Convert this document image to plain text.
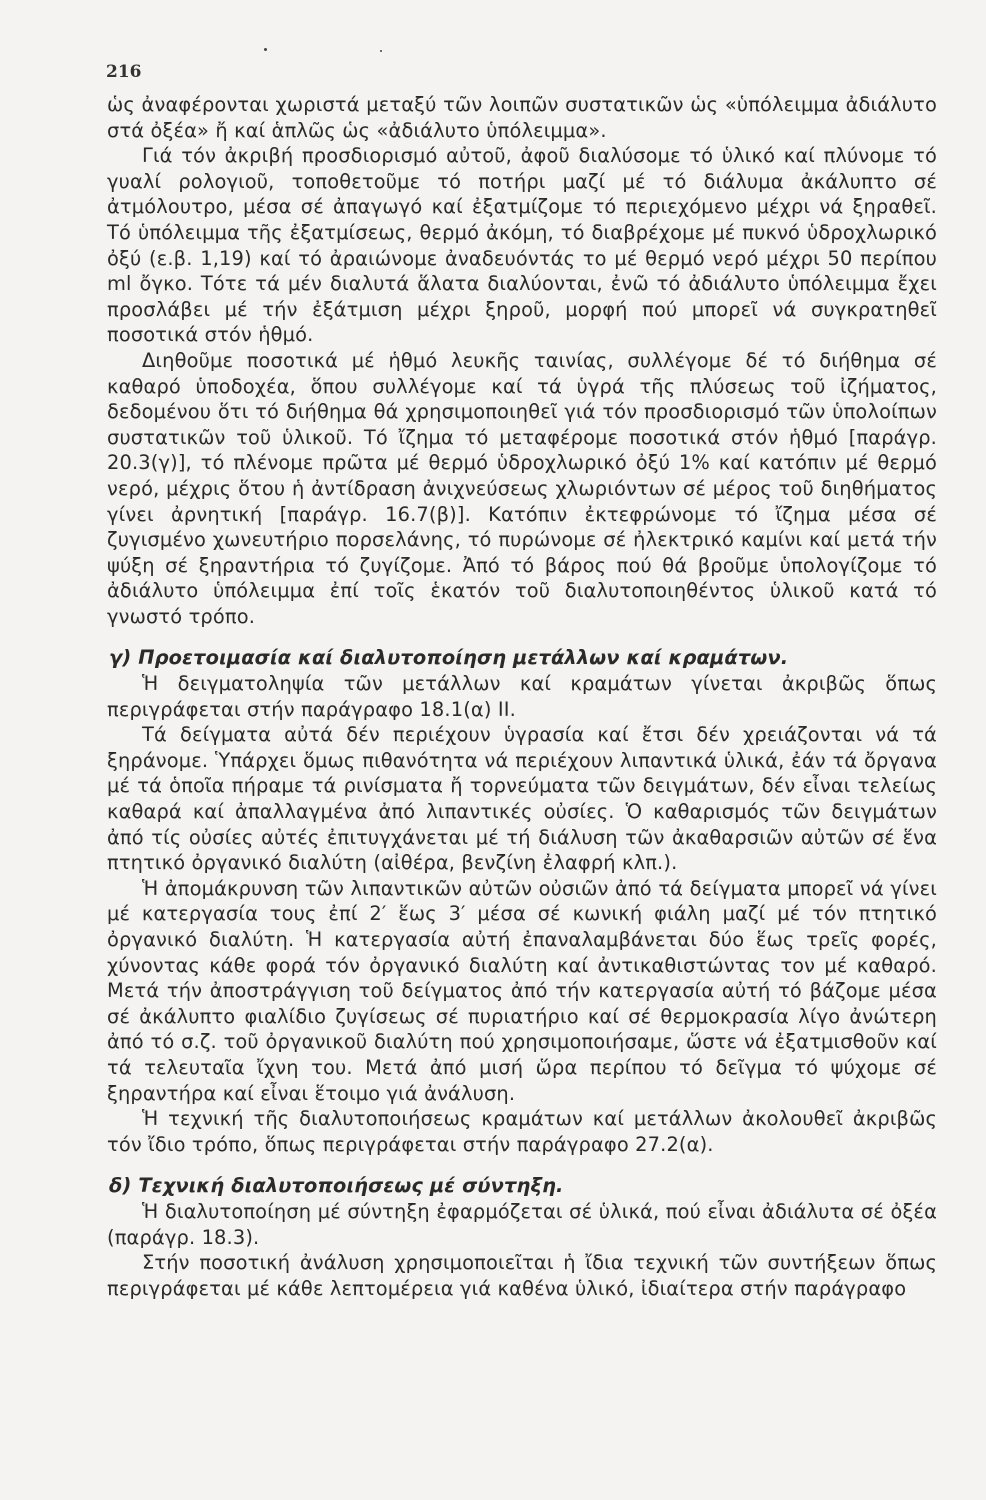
216

ὡς ἀναφέρονται χωριστά μεταξύ τῶν λοιπῶν συστατικῶν ὡς «ὑπόλειμμα ἀδιάλυτο στά ὀξέα» ἤ καί ἁπλῶς ὡς «ἀδιάλυτο ὑπόλειμμα».

Γιά τόν ἀκριβή προσδιορισμό αὐτοῦ, ἀφοῦ διαλύσομε τό ὑλικό καί πλύνομε τό γυαλί ρολογιοῦ, τοποθετοῦμε τό ποτήρι μαζί μέ τό διάλυμα ἀκάλυπτο σέ ἀτμόλουτρο, μέσα σέ ἀπαγωγό καί ἐξατμίζομε τό περιεχόμενο μέχρι νά ξηραθεῖ. Τό ὑπόλειμμα τῆς ἐξατμίσεως, θερμό ἀκόμη, τό διαβρέχομε μέ πυκνό ὑδροχλωρικό ὀξύ (ε.β. 1,19) καί τό ἀραιώνομε ἀναδευόντάς το μέ θερμό νερό μέχρι 50 περίπου ml ὄγκο. Τότε τά μέν διαλυτά ἅλατα διαλύονται, ἐνῶ τό ἀδιάλυτο ὑπόλειμμα ἔχει προσλάβει μέ τήν ἐξάτμιση μέχρι ξηροῦ, μορφή πού μπορεῖ νά συγκρατηθεῖ ποσοτικά στόν ἡθμό.

Διηθοῦμε ποσοτικά μέ ἡθμό λευκῆς ταινίας, συλλέγομε δέ τό διήθημα σέ καθαρό ὑποδοχέα, ὅπου συλλέγομε καί τά ὑγρά τῆς πλύσεως τοῦ ἰζήματος, δεδομένου ὅτι τό διήθημα θά χρησιμοποιηθεῖ γιά τόν προσδιορισμό τῶν ὑπολοίπων συστατικῶν τοῦ ὑλικοῦ. Τό ἴζημα τό μεταφέρομε ποσοτικά στόν ἡθμό [παράγρ. 20.3(γ)], τό πλένομε πρῶτα μέ θερμό ὑδροχλωρικό ὀξύ 1% καί κατόπιν μέ θερμό νερό, μέχρις ὅτου ἡ ἀντίδραση ἀνιχνεύσεως χλωριόντων σέ μέρος τοῦ διηθήματος γίνει ἀρνητική [παράγρ. 16.7(β)]. Κατόπιν ἐκτεφρώνομε τό ἴζημα μέσα σέ ζυγισμένο χωνευτήριο πορσελάνης, τό πυρώνομε σέ ἠλεκτρικό καμίνι καί μετά τήν ψύξη σέ ξηραντήρια τό ζυγίζομε. Ἀπό τό βάρος πού θά βροῦμε ὑπολογίζομε τό ἀδιάλυτο ὑπόλειμμα ἐπί τοῖς ἑκατόν τοῦ διαλυτοποιηθέντος ὑλικοῦ κατά τό γνωστό τρόπο.

γ) Προετοιμασία καί διαλυτοποίηση μετάλλων καί κραμάτων.

Ἡ δειγματοληψία τῶν μετάλλων καί κραμάτων γίνεται ἀκριβῶς ὅπως περιγράφεται στήν παράγραφο 18.1(α) ΙΙ.

Τά δείγματα αὐτά δέν περιέχουν ὑγρασία καί ἔτσι δέν χρειάζονται νά τά ξηράνομε. Ὑπάρχει ὅμως πιθανότητα νά περιέχουν λιπαντικά ὑλικά, ἐάν τά ὄργανα μέ τά ὁποῖα πήραμε τά ρινίσματα ἤ τορνεύματα τῶν δειγμάτων, δέν εἶναι τελείως καθαρά καί ἀπαλλαγμένα ἀπό λιπαντικές οὐσίες. Ὁ καθαρισμός τῶν δειγμάτων ἀπό τίς οὐσίες αὐτές ἐπιτυγχάνεται μέ τή διάλυση τῶν ἀκαθαρσιῶν αὐτῶν σέ ἕνα πτητικό ὀργανικό διαλύτη (αἰθέρα, βενζίνη ἐλαφρή κλπ.).

Ἡ ἀπομάκρυνση τῶν λιπαντικῶν αὐτῶν οὐσιῶν ἀπό τά δείγματα μπορεῖ νά γίνει μέ κατεργασία τους ἐπί 2′ ἕως 3′ μέσα σέ κωνική φιάλη μαζί μέ τόν πτητικό ὀργανικό διαλύτη. Ἡ κατεργασία αὐτή ἐπαναλαμβάνεται δύο ἕως τρεῖς φορές, χύνοντας κάθε φορά τόν ὀργανικό διαλύτη καί ἀντικαθιστώντας τον μέ καθαρό. Μετά τήν ἀποστράγγιση τοῦ δείγματος ἀπό τήν κατεργασία αὐτή τό βάζομε μέσα σέ ἀκάλυπτο φιαλίδιο ζυγίσεως σέ πυριατήριο καί σέ θερμοκρασία λίγο ἀνώτερη ἀπό τό σ.ζ. τοῦ ὀργανικοῦ διαλύτη πού χρησιμοποιήσαμε, ὥστε νά ἐξατμισθοῦν καί τά τελευταῖα ἴχνη του. Μετά ἀπό μισή ὥρα περίπου τό δεῖγμα τό ψύχομε σέ ξηραντήρα καί εἶναι ἕτοιμο γιά ἀνάλυση.

Ἡ τεχνική τῆς διαλυτοποιήσεως κραμάτων καί μετάλλων ἀκολουθεῖ ἀκριβῶς τόν ἴδιο τρόπο, ὅπως περιγράφεται στήν παράγραφο 27.2(α).

δ) Τεχνική διαλυτοποιήσεως μέ σύντηξη.

Ἡ διαλυτοποίηση μέ σύντηξη ἐφαρμόζεται σέ ὑλικά, πού εἶναι ἀδιάλυτα σέ ὀξέα (παράγρ. 18.3).

Στήν ποσοτική ἀνάλυση χρησιμοποιεῖται ἡ ἴδια τεχνική τῶν συντήξεων ὅπως περιγράφεται μέ κάθε λεπτομέρεια γιά καθένα ὑλικό, ἰδιαίτερα στήν παράγραφο
